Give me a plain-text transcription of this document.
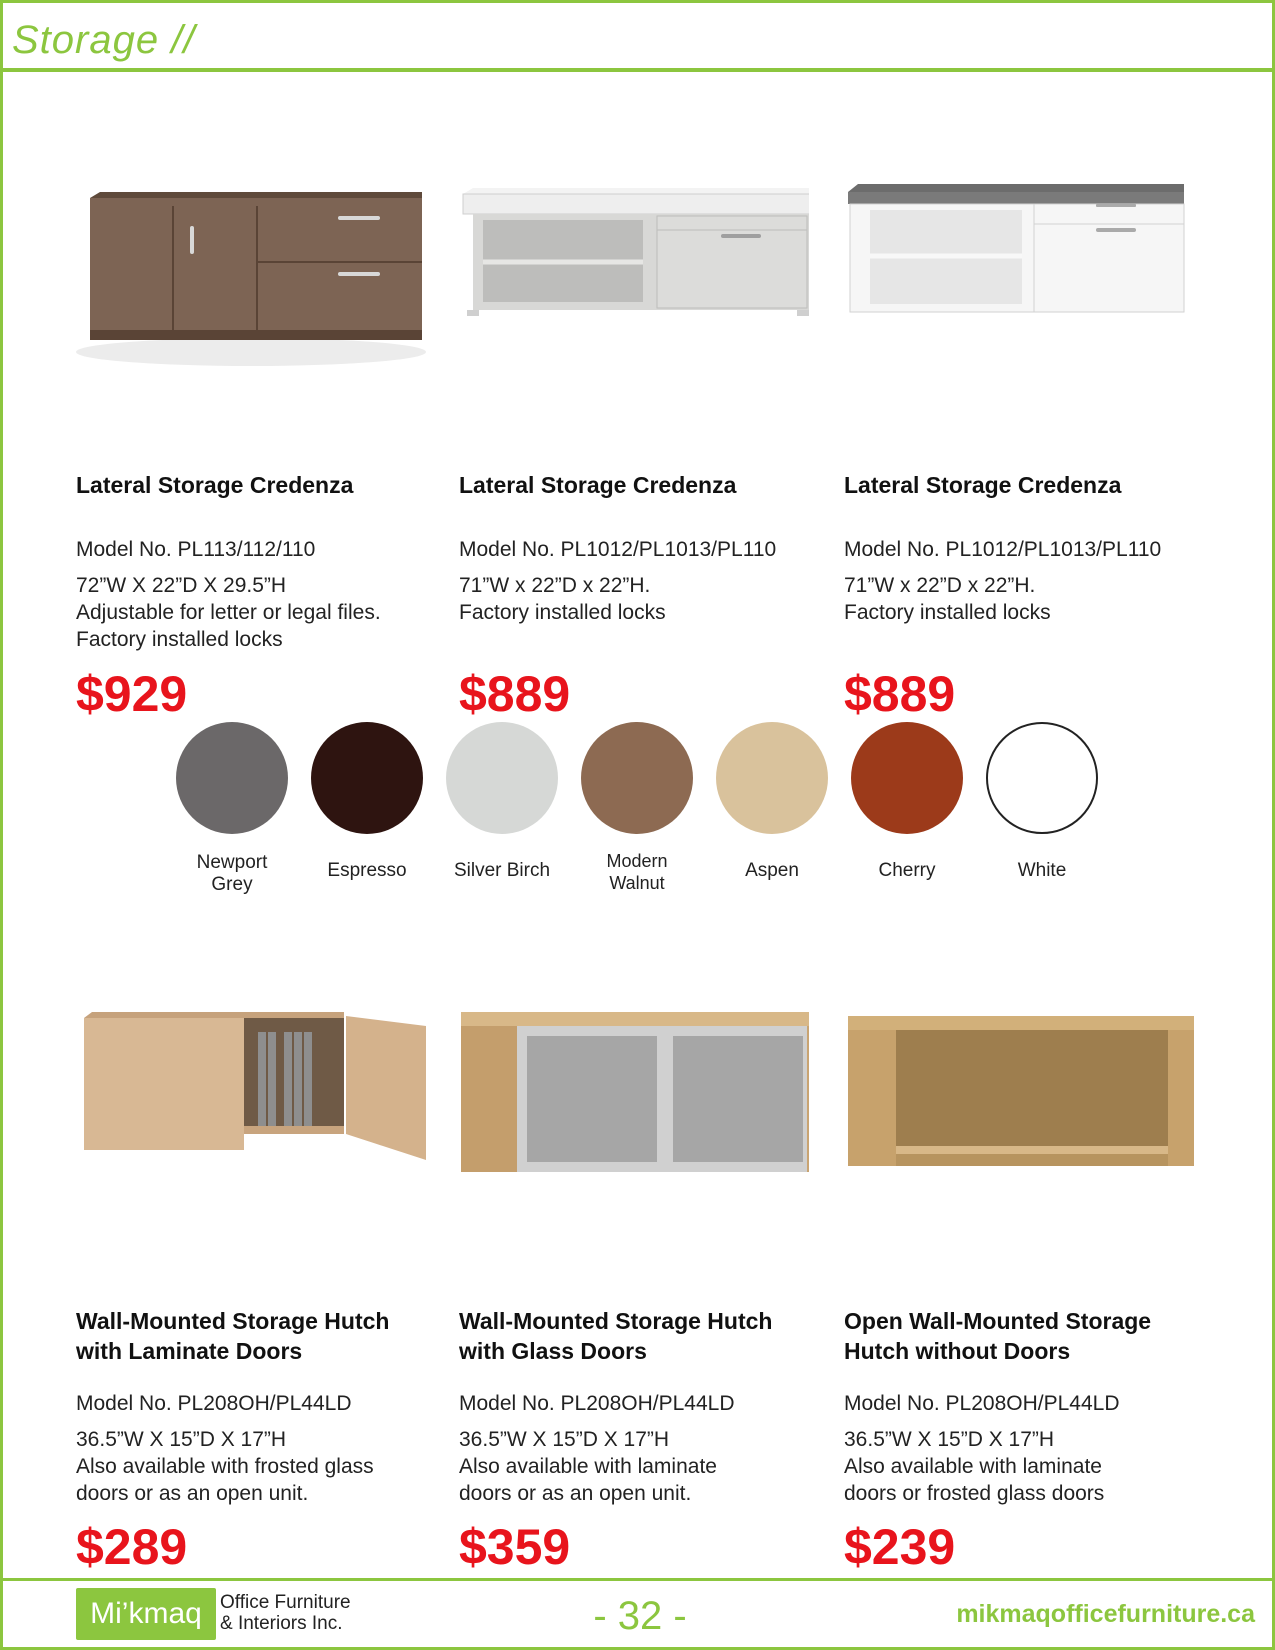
Storage //
Lateral Storage Credenza
Model No. PL113/112/110
72”W X 22”D X 29.5”H
Adjustable for letter or legal files.
Factory installed locks
$929
Lateral Storage Credenza
Model No. PL1012/PL1013/PL110
71”W x 22”D x 22”H.
Factory installed locks
$889
Lateral Storage Credenza
Model No. PL1012/PL1013/PL110
71”W x 22”D x 22”H.
Factory installed locks
$889
Newport
Grey
Espresso	Silver Birch	Modern
Walnut
Aspen	Cherry	White
Wall-Mounted Storage Hutch
with Laminate Doors
Model No. PL208OH/PL44LD
36.5”W X 15”D X 17”H
Also available with frosted glass
doors or as an open unit.
$289
Wall-Mounted Storage Hutch
with Glass Doors
Model No. PL208OH/PL44LD
36.5”W X 15”D X 17”H
Also available with laminate
doors or as an open unit.
$359
Open Wall-Mounted Storage
Hutch without Doors
Model No. PL208OH/PL44LD
36.5”W X 15”D X 17”H
Also available with laminate
doors or frosted glass doors
$239
Mi’kmaq Office Furniture
& Interiors Inc.	- 32 -	mikmaqofficefurniture.ca
